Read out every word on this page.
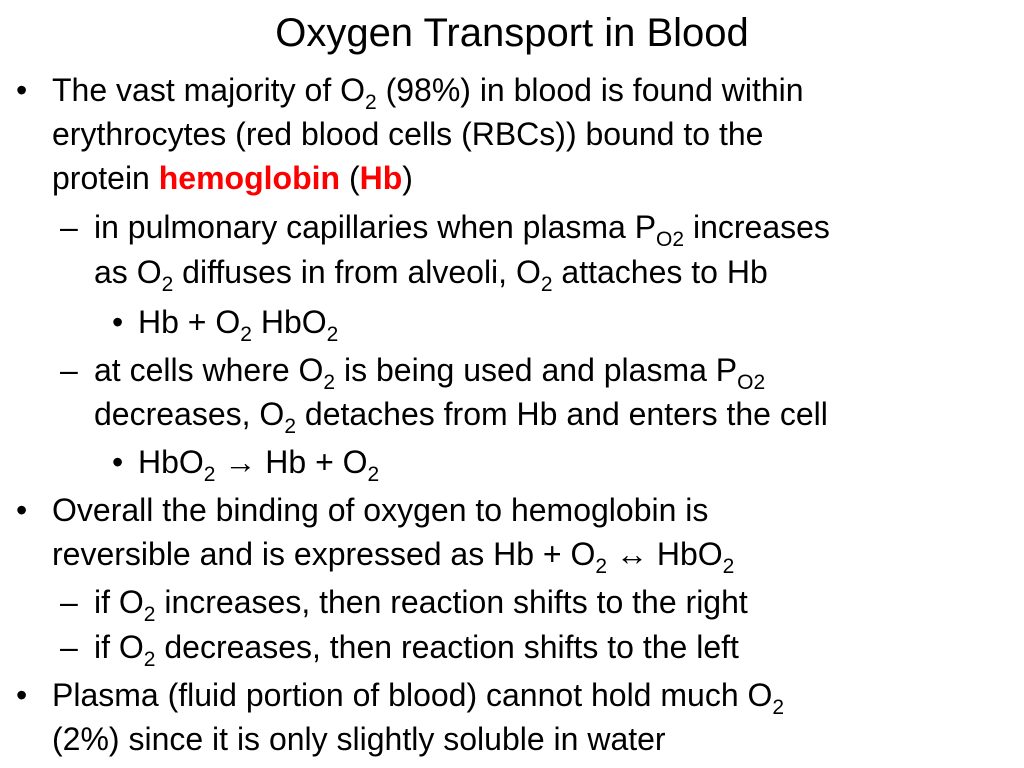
Oxygen Transport in Blood
• The vast majority of $O_2$ (98%) in blood is found within
erythrocytes (red blood cells (RBCs)) bound to the
protein hemoglobin (Hb)
– in pulmonary capillaries when plasma $P_{O2}$ increases
as $O_2$ diffuses in from alveoli, $O_2$ attaches to Hb
• $Hb + O_2$ HbO$_2$
– at cells where $O_2$ is being used and plasma $P_{O2}$
decreases, $O_2$ detaches from Hb and enters the cell
• $HbO_2 \to Hb + O_2$
• Overall the binding of oxygen to hemoglobin is
reversible and is expressed as $Hb + O_2$ ↔ HbO$_2$
– if $O_2$ increases, then reaction shifts to the right
– if $O_2$ decreases, then reaction shifts to the left
• Plasma (fluid portion of blood) cannot hold much $O_2$
(2%) since it is only slightly soluble in water
